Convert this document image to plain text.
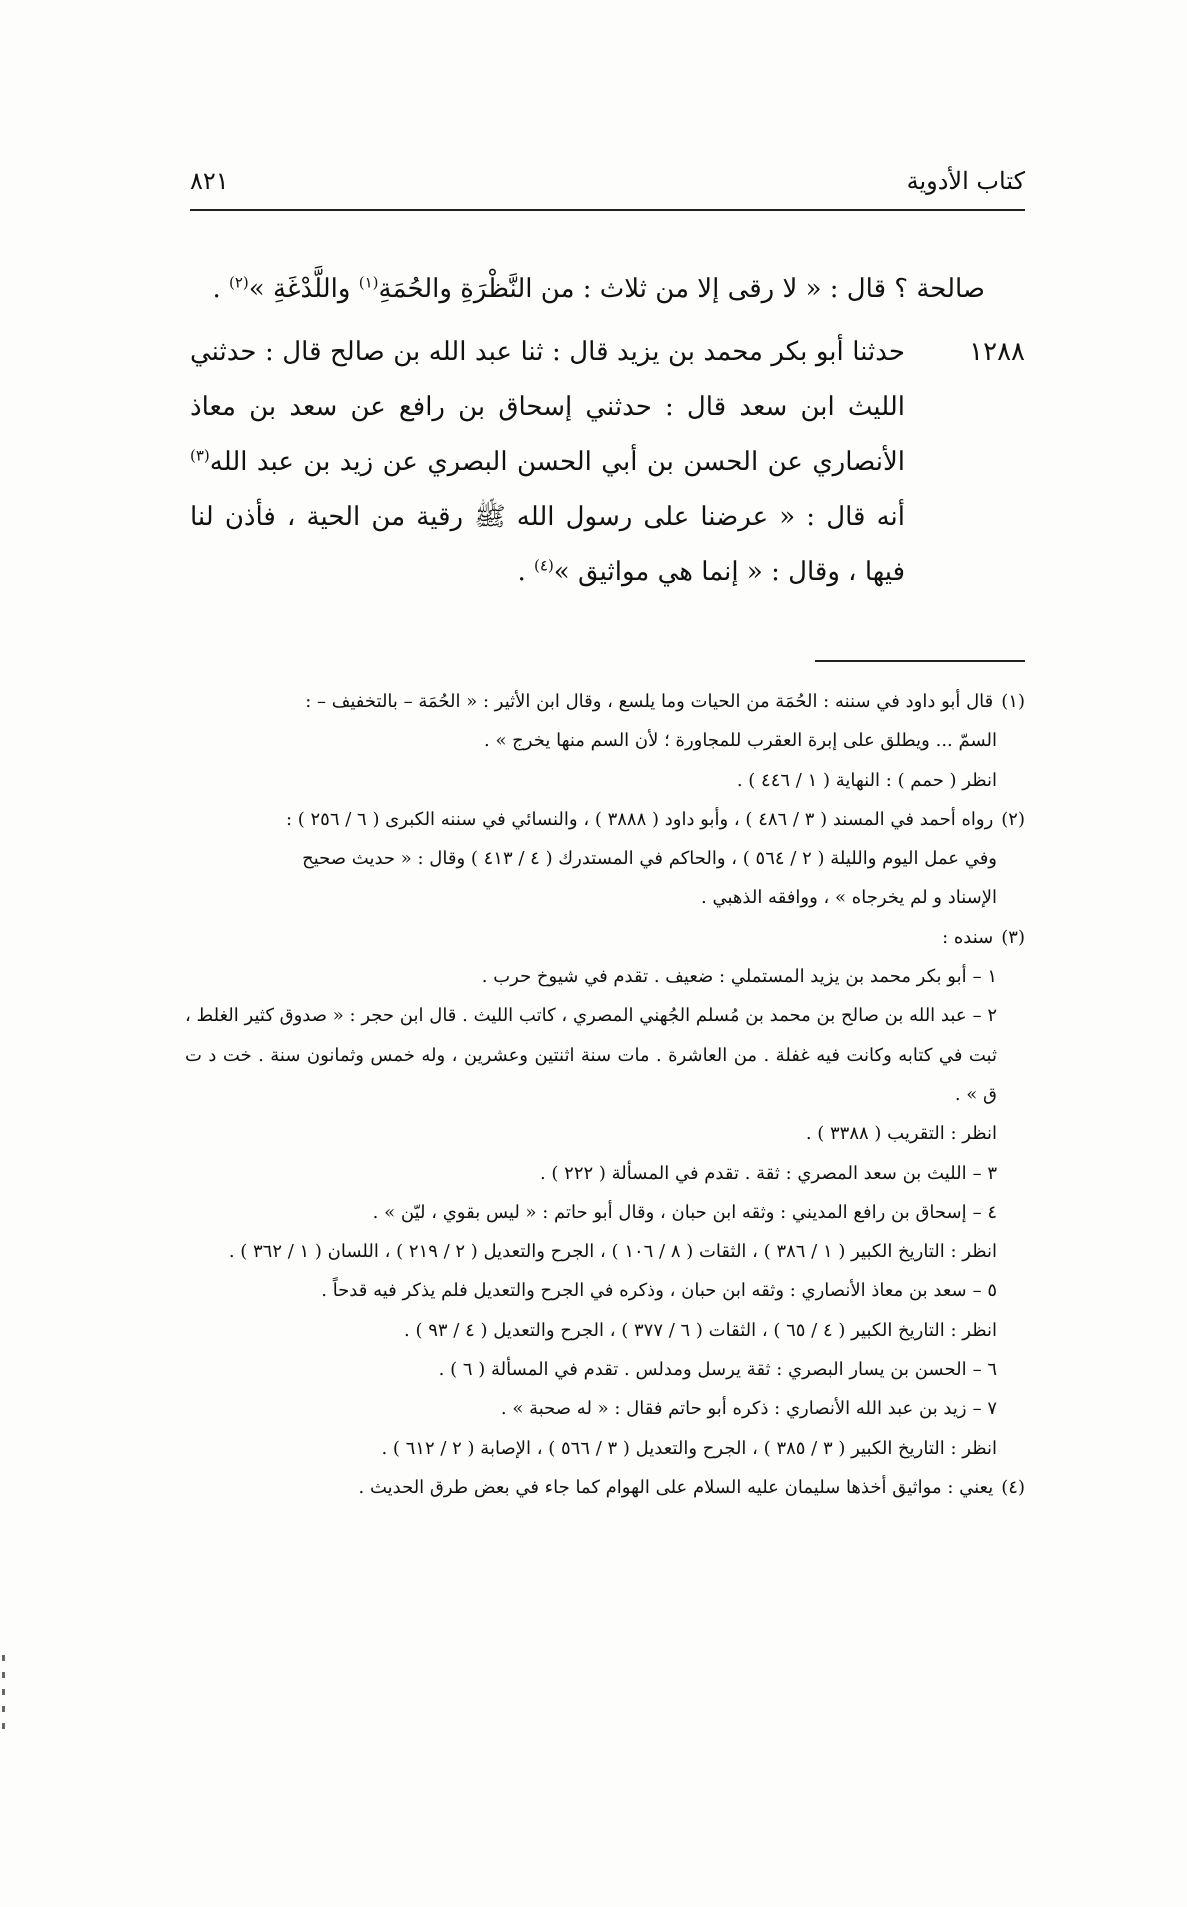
كتاب الأدوية
٨٢١

صالحة ؟ قال : « لا رقى إلا من ثلاث : من النَّظْرَةِ والحُمَةِ$^{(١)}$ واللَّدْغَةِ »$^{(٢)}$ .

١٢٨٨

حدثنا أبو بكر محمد بن يزيد قال : ثنا عبد الله بن صالح قال : حدثني الليث ابن سعد قال : حدثني إسحاق بن رافع عن سعد بن معاذ الأنصاري عن الحسن بن أبي الحسن البصري عن زيد بن عبد الله$^{(٣)}$ أنه قال : « عرضنا على رسول الله ﷺ رقية من الحية ، فأذن لنا فيها ، وقال : « إنما هي مواثيق »$^{(٤)}$ .

(١)قال أبو داود في سننه : الحُمَة من الحيات وما يلسع ، وقال ابن الأثير : « الحُمَة – بالتخفيف – :

السمّ ... ويطلق على إبرة العقرب للمجاورة ؛ لأن السم منها يخرج » .

انظر ( حمم ) : النهاية ( ١ / ٤٤٦ ) .

(٢)رواه أحمد في المسند ( ٣ / ٤٨٦ ) ، وأبو داود ( ٣٨٨٨ ) ، والنسائي في سننه الكبرى ( ٦ / ٢٥٦ ) :

وفي عمل اليوم والليلة ( ٢ / ٥٦٤ ) ، والحاكم في المستدرك ( ٤ / ٤١٣ ) وقال : « حديث صحيح

الإسناد و لم يخرجاه » ، ووافقه الذهبي .

(٣)سنده :

١ –أبو بكر محمد بن يزيد المستملي : ضعيف . تقدم في شيوخ حرب .

٢ –عبد الله بن صالح بن محمد بن مُسلم الجُهني المصري ، كاتب الليث . قال ابن حجر : « صدوق كثير الغلط ، ثبت في كتابه وكانت فيه غفلة . من العاشرة . مات سنة اثنتين وعشرين ، وله خمس وثمانون سنة . خت د ت ق » .

انظر : التقريب ( ٣٣٨٨ ) .

٣ –الليث بن سعد المصري : ثقة . تقدم في المسألة ( ٢٢٢ ) .

٤ –إسحاق بن رافع المديني : وثقه ابن حبان ، وقال أبو حاتم : « ليس بقوي ، ليّن » .

انظر : التاريخ الكبير ( ١ / ٣٨٦ ) ، الثقات ( ٨ / ١٠٦ ) ، الجرح والتعديل ( ٢ / ٢١٩ ) ، اللسان ( ١ / ٣٦٢ ) .

٥ –سعد بن معاذ الأنصاري : وثقه ابن حبان ، وذكره في الجرح والتعديل فلم يذكر فيه قدحاً .

انظر : التاريخ الكبير ( ٤ / ٦٥ ) ، الثقات ( ٦ / ٣٧٧ ) ، الجرح والتعديل ( ٤ / ٩٣ ) .

٦ –الحسن بن يسار البصري : ثقة يرسل ومدلس . تقدم في المسألة ( ٦ ) .

٧ –زيد بن عبد الله الأنصاري : ذكره أبو حاتم فقال : « له صحبة » .

انظر : التاريخ الكبير ( ٣ / ٣٨٥ ) ، الجرح والتعديل ( ٣ / ٥٦٦ ) ، الإصابة ( ٢ / ٦١٢ ) .

(٤)يعني : مواثيق أخذها سليمان عليه السلام على الهوام كما جاء في بعض طرق الحديث .
